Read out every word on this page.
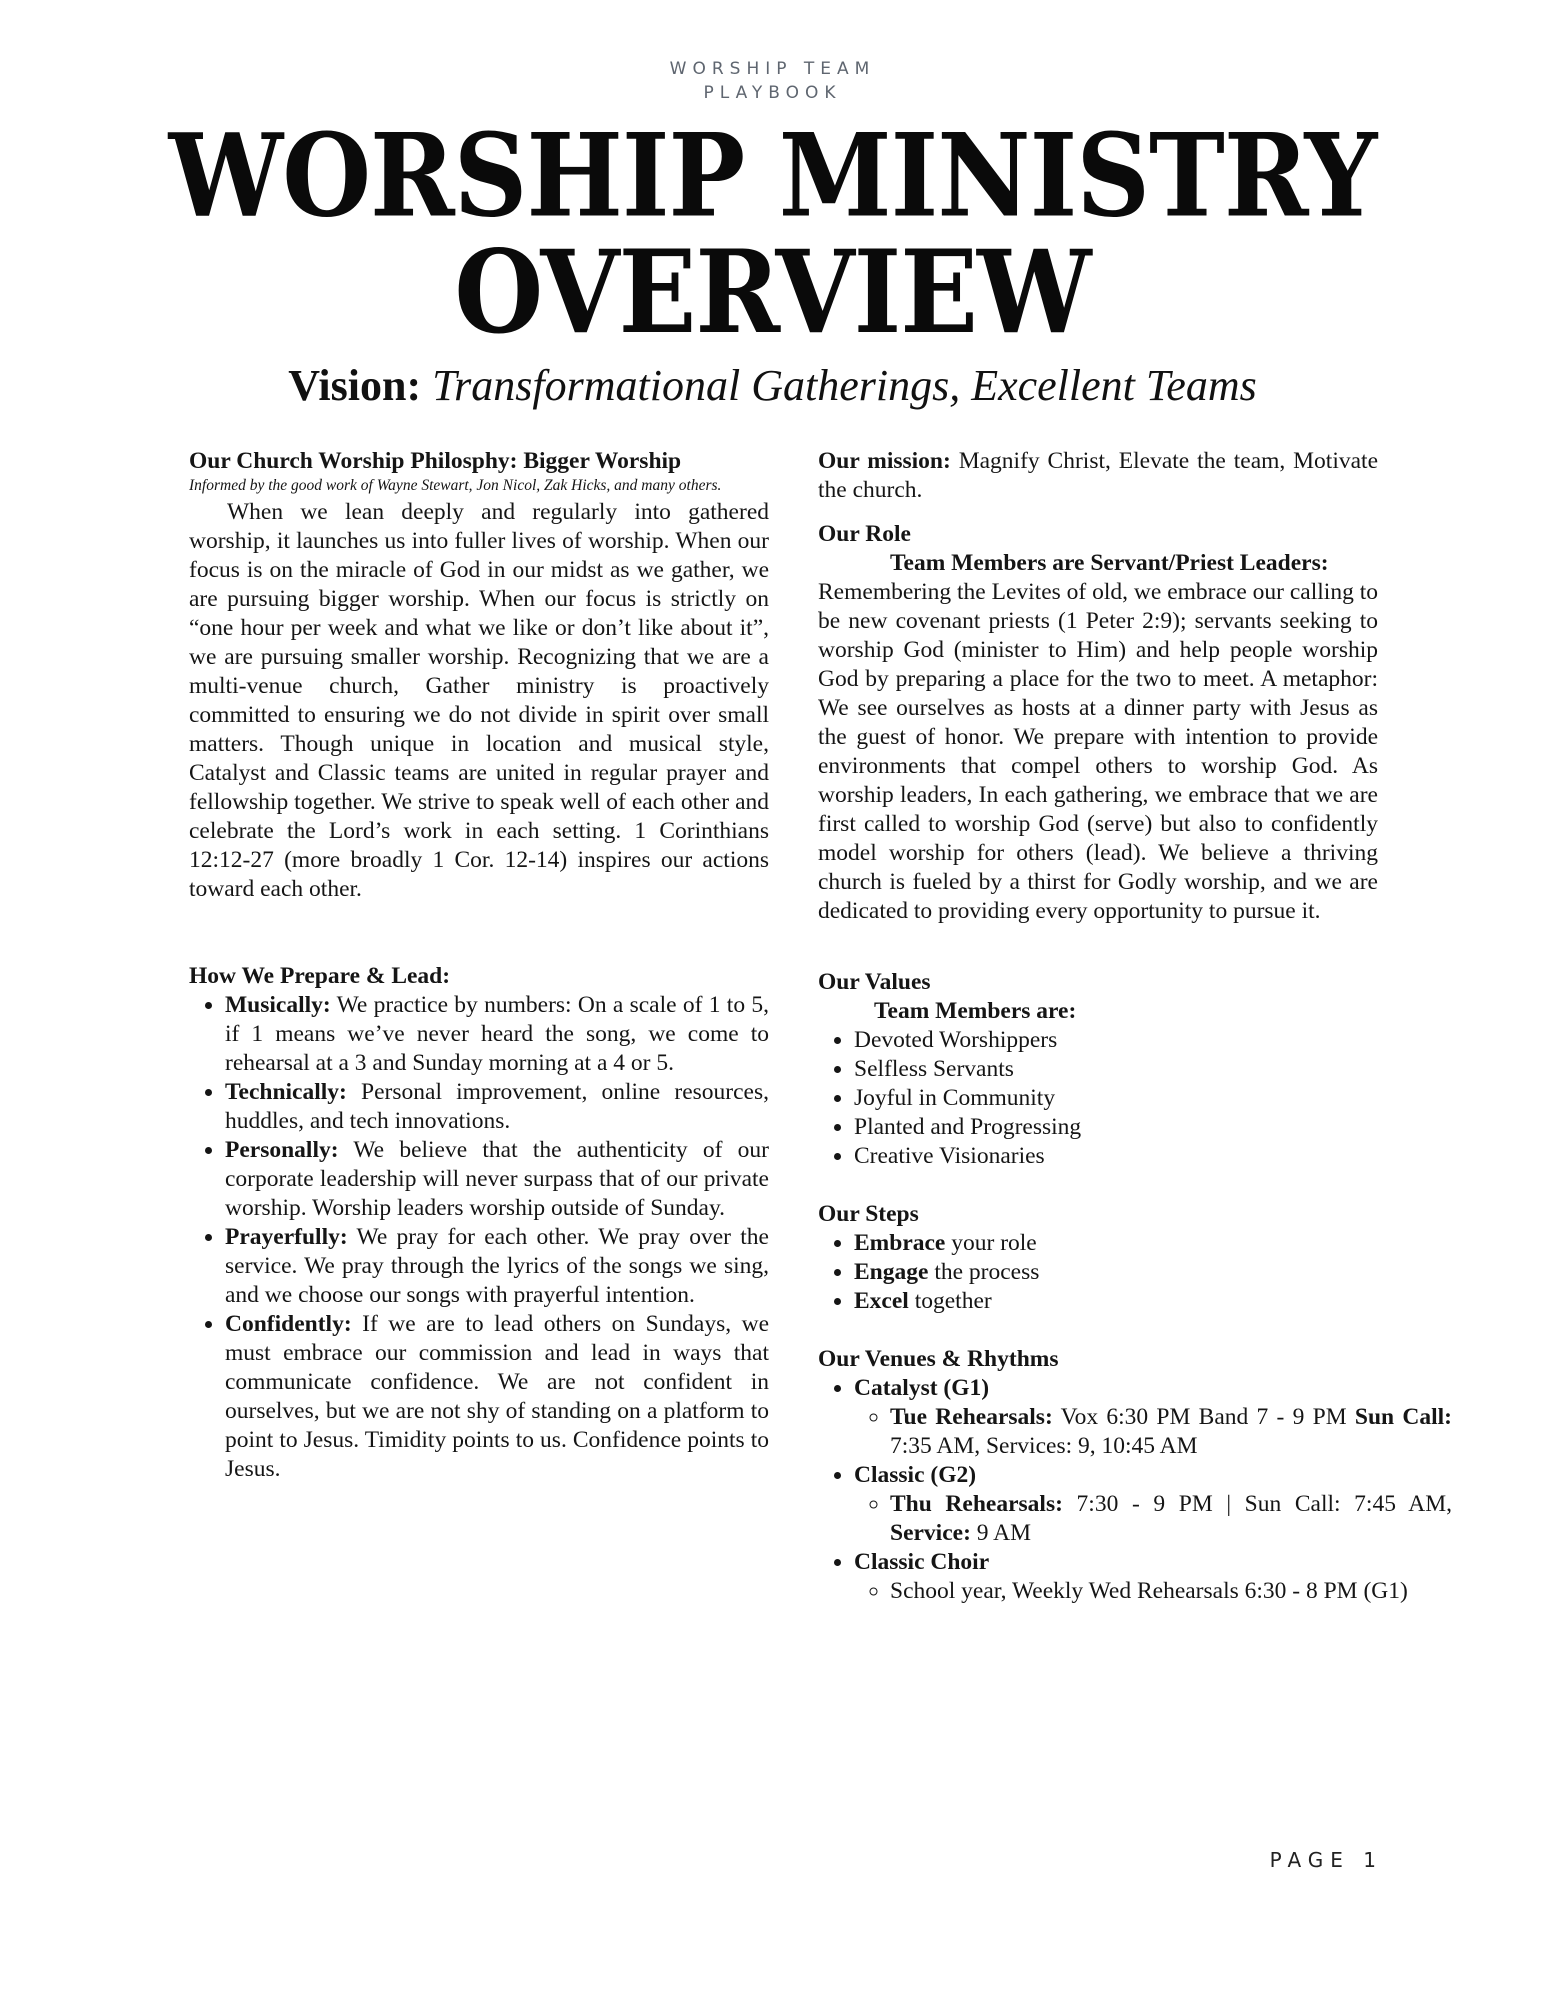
WORSHIP TEAM
PLAYBOOK
WORSHIP MINISTRY
OVERVIEW
Vision: Transformational Gatherings, Excellent Teams
Our Church Worship Philosphy: Bigger Worship

Informed by the good work of Wayne Stewart, Jon Nicol, Zak Hicks, and many others.

When we lean deeply and regularly into gathered worship, it launches us into fuller lives of worship. When our focus is on the miracle of God in our midst as we gather, we are pursuing bigger worship. When our focus is strictly on “one hour per week and what we like or don’t like about it”, we are pursuing smaller worship. Recognizing that we are a multi-venue church, Gather ministry is proactively committed to ensuring we do not divide in spirit over small matters. Though unique in location and musical style, Catalyst and Classic teams are united in regular prayer and fellowship together. We strive to speak well of each other and celebrate the Lord’s work in each setting. 1 Corinthians 12:12-27 (more broadly 1 Cor. 12-14) inspires our actions toward each other.

How We Prepare & Lead:
• Musically: We practice by numbers: On a scale of 1 to 5, if 1 means we’ve never heard the song, we come to rehearsal at a 3 and Sunday morning at a 4 or 5.
• Technically: Personal improvement, online resources, huddles, and tech innovations.
• Personally: We believe that the authenticity of our corporate leadership will never surpass that of our private worship. Worship leaders worship outside of Sunday.
• Prayerfully: We pray for each other. We pray over the service. We pray through the lyrics of the songs we sing, and we choose our songs with prayerful intention.
• Confidently: If we are to lead others on Sundays, we must embrace our commission and lead in ways that communicate confidence. We are not confident in ourselves, but we are not shy of standing on a platform to point to Jesus. Timidity points to us. Confidence points to Jesus.

Our mission: Magnify Christ, Elevate the team, Motivate the church.

Our Role
Team Members are Servant/Priest Leaders:

Remembering the Levites of old, we embrace our calling to be new covenant priests (1 Peter 2:9); servants seeking to worship God (minister to Him) and help people worship God by preparing a place for the two to meet. A metaphor: We see ourselves as hosts at a dinner party with Jesus as the guest of honor. We prepare with intention to provide environments that compel others to worship God. As worship leaders, In each gathering, we embrace that we are first called to worship God (serve) but also to confidently model worship for others (lead). We believe a thriving church is fueled by a thirst for Godly worship, and we are dedicated to providing every opportunity to pursue it.

Our Values
Team Members are:
• Devoted Worshippers
• Selfless Servants
• Joyful in Community
• Planted and Progressing
• Creative Visionaries
Our Steps
• Embrace your role
• Engage the process
• Excel together
Our Venues & Rhythms
• Catalyst (G1)
◦ Tue Rehearsals: Vox 6:30 PM Band 7 - 9 PM Sun Call: 7:35 AM, Services: 9, 10:45 AM
• Classic (G2)
◦ Thu Rehearsals: 7:30 - 9 PM | Sun Call: 7:45 AM, Service: 9 AM
• Classic Choir
◦ School year, Weekly Wed Rehearsals 6:30 - 8 PM (G1)
PAGE 1
